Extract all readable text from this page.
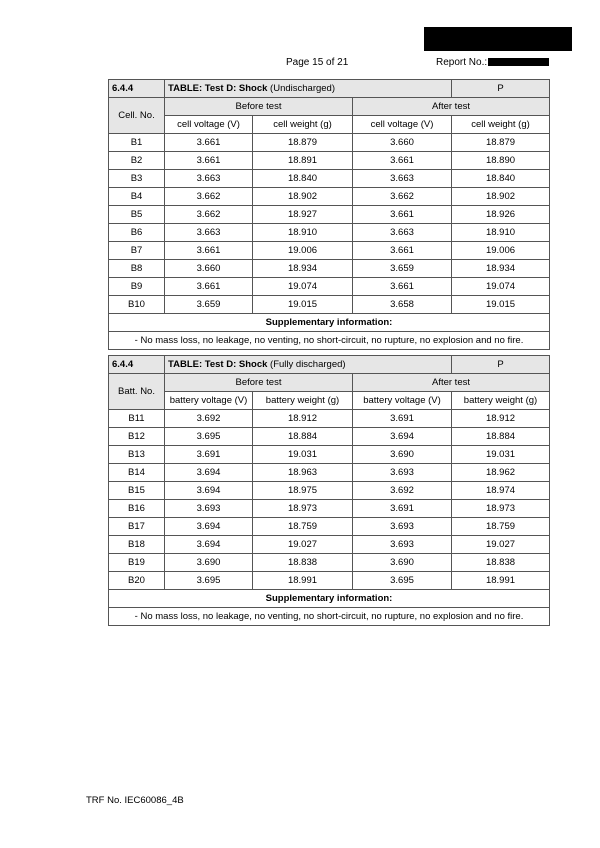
Page 15 of 21	Report No.:
6.4.4	TABLE: Test D: Shock (Undischarged)			P
Cell. No.	Before test		After test	
	cell voltage (V)	cell weight (g)	cell voltage (V)	cell weight (g)
B1	3.661	18.879	3.660	18.879
B2	3.661	18.891	3.661	18.890
B3	3.663	18.840	3.663	18.840
B4	3.662	18.902	3.662	18.902
B5	3.662	18.927	3.661	18.926
B6	3.663	18.910	3.663	18.910
B7	3.661	19.006	3.661	19.006
B8	3.660	18.934	3.659	18.934
B9	3.661	19.074	3.661	19.074
B10	3.659	19.015	3.658	19.015
Supplementary information:				
- No mass loss, no leakage, no venting, no short-circuit, no rupture, no explosion and no fire.				
6.4.4	TABLE: Test D: Shock (Fully discharged)			P
Batt. No.	Before test		After test	
	battery voltage (V)	battery weight (g)	battery voltage (V)	battery weight (g)
B11	3.692	18.912	3.691	18.912
B12	3.695	18.884	3.694	18.884
B13	3.691	19.031	3.690	19.031
B14	3.694	18.963	3.693	18.962
B15	3.694	18.975	3.692	18.974
B16	3.693	18.973	3.691	18.973
B17	3.694	18.759	3.693	18.759
B18	3.694	19.027	3.693	19.027
B19	3.690	18.838	3.690	18.838
B20	3.695	18.991	3.695	18.991
Supplementary information:				
- No mass loss, no leakage, no venting, no short-circuit, no rupture, no explosion and no fire.				
TRF No. IEC60086_4B
